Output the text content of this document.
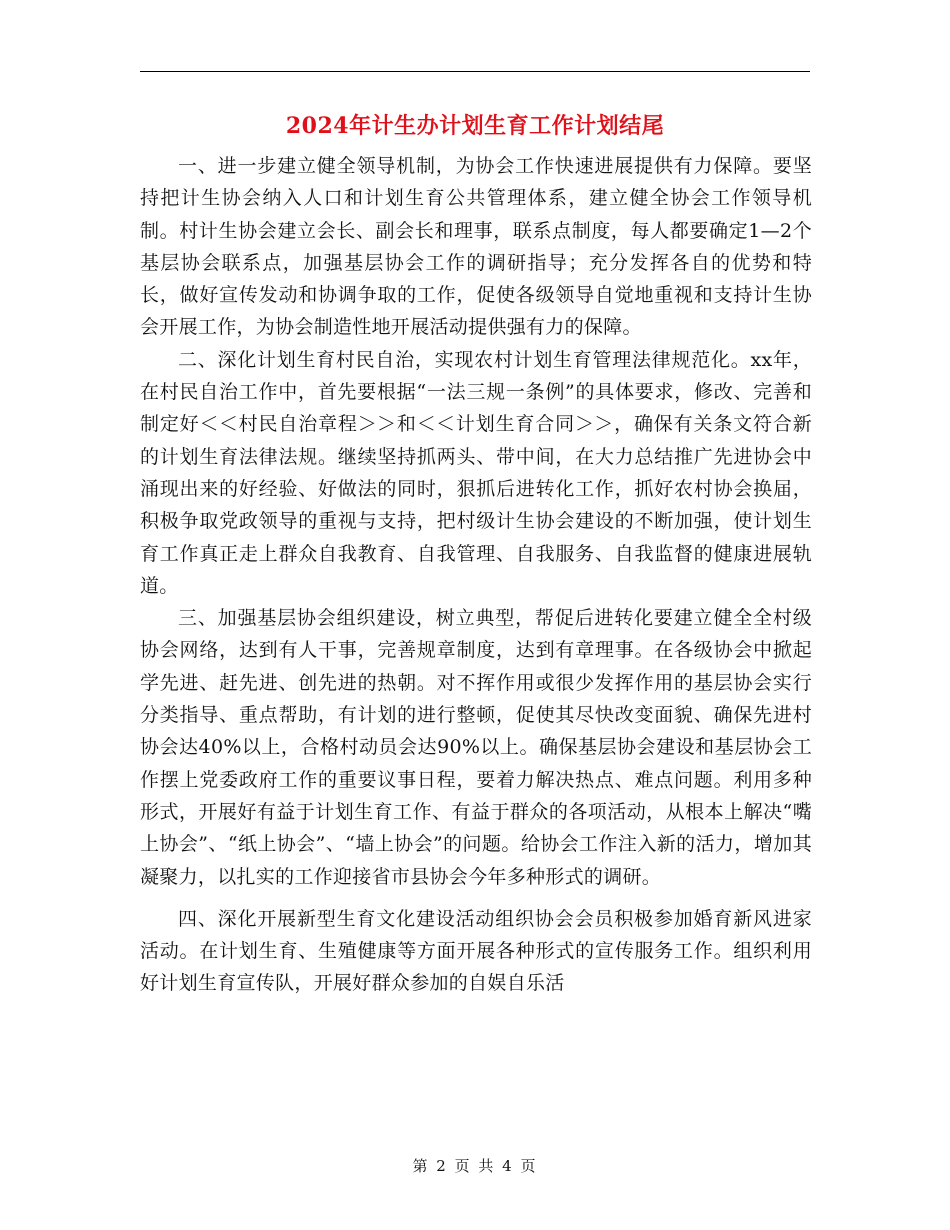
2024年计生办计划生育工作计划结尾

一、进一步建立健全领导机制，为协会工作快速进展提供有力保障。要坚持把计生协会纳入人口和计划生育公共管理体系，建立健全协会工作领导机制。村计生协会建立会长、副会长和理事，联系点制度，每人都要确定1—2个基层协会联系点，加强基层协会工作的调研指导；充分发挥各自的优势和特长，做好宣传发动和协调争取的工作，促使各级领导自觉地重视和支持计生协会开展工作，为协会制造性地开展活动提供强有力的保障。

二、深化计划生育村民自治，实现农村计划生育管理法律规范化。xx年，在村民自治工作中，首先要根据“一法三规一条例”的具体要求，修改、完善和制定好＜＜村民自治章程＞＞和＜＜计划生育合同＞＞，确保有关条文符合新的计划生育法律法规。继续坚持抓两头、带中间，在大力总结推广先进协会中涌现出来的好经验、好做法的同时，狠抓后进转化工作，抓好农村协会换届，积极争取党政领导的重视与支持，把村级计生协会建设的不断加强，使计划生育工作真正走上群众自我教育、自我管理、自我服务、自我监督的健康进展轨道。

三、加强基层协会组织建设，树立典型，帮促后进转化要建立健全全村级协会网络，达到有人干事，完善规章制度，达到有章理事。在各级协会中掀起学先进、赶先进、创先进的热朝。对不挥作用或很少发挥作用的基层协会实行分类指导、重点帮助，有计划的进行整顿，促使其尽快改变面貌、确保先进村协会达40%以上，合格村动员会达90%以上。确保基层协会建设和基层协会工作摆上党委政府工作的重要议事日程，要着力解决热点、难点问题。利用多种形式，开展好有益于计划生育工作、有益于群众的各项活动，从根本上解决“嘴上协会”、“纸上协会”、“墙上协会”的问题。给协会工作注入新的活力，增加其凝聚力，以扎实的工作迎接省市县协会今年多种形式的调研。

四、深化开展新型生育文化建设活动组织协会会员积极参加婚育新风进家活动。在计划生育、生殖健康等方面开展各种形式的宣传服务工作。组织利用好计划生育宣传队，开展好群众参加的自娱自乐活

第 2 页 共 4 页
